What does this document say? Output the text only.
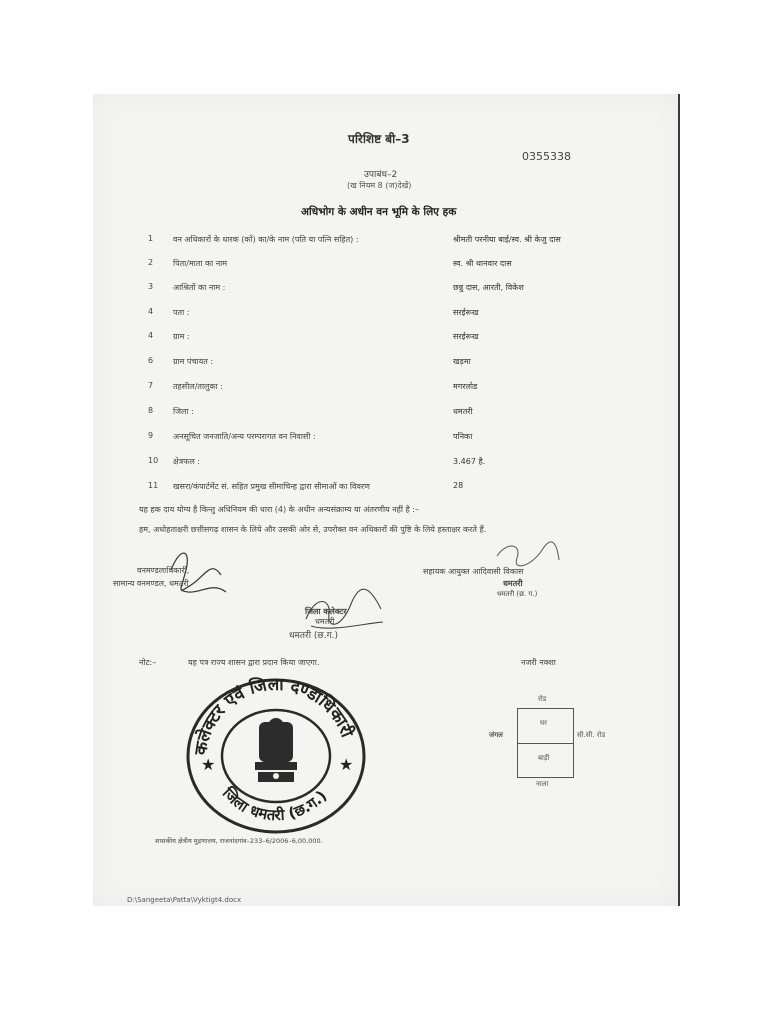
परिशिष्ट बी–3
0355338
उपाबंध–2
(ख नियम 8 (ज)देखें)
अधिभोग के अधीन वन भूमि के लिए हक
1	वन अधिकारों के धारक (कों) का/के नाम (पति या पत्नि सहित) :	श्रीमती परनीया बाई/स्व. श्री केजु दास
2	पिता/माता का नाम	स्व. श्री थानवार दास
3	आश्रितों का नाम :	छन्नु दास, आरती, विकेश
4	पता :	सरईरूख
4	ग्राम :	सरईरूख
6	ग्राम पंचायत :	खड़मा
7	तहसील/तालुका :	मगरलोड
8	जिला :	धमतरी
9	अनसूचित जनजाति/अन्य परम्परागत वन निवासी :	पनिका
10	क्षेत्रफल :	3.467 है.
11	खसरा/कंपार्टमेंट सं. सहित प्रमुख सीमाचिन्ह द्वारा सीमाओं का विवरण	28
यह हक दाय योग्य है किन्तु अधिनियम की धारा (4) के अधीन अन्यसंक्राम्य या अंतरणीय नहीं है :–
हम, अधोहताक्षरी छत्तीसगढ़ शासन के लिये और उसकी ओर से, उपरोक्त वन अधिकारों की पुष्टि के लिये हस्ताक्षर करते हैं.
वनमण्डलाधिकारी,
सामान्य वनमण्डल, धमतरी
सहायक आयुक्त आदिवासी विकास
धमतरी
धमतरी (छ. ग.)
जिला कलेक्टर
धमतरी
धमतरी (छ.ग.)
नोट:–	यह पत्र राज्य शासन द्वारा प्रदान किया जाएगा.	नजरी नक्शा
रोड
घर
बाड़ी
जंगल	सी.सी. रोड
नाला
कलेक्टर एवं जिला दण्डाधिकारी
जिला धमतरी (छ.ग.)
★	★
शासकीय क्षेत्रीय मुद्रणालय, राजनांदगांव–233–6/2006–6,00,000.
D:\Sangeeta\Patta\Vyktigt4.docx
